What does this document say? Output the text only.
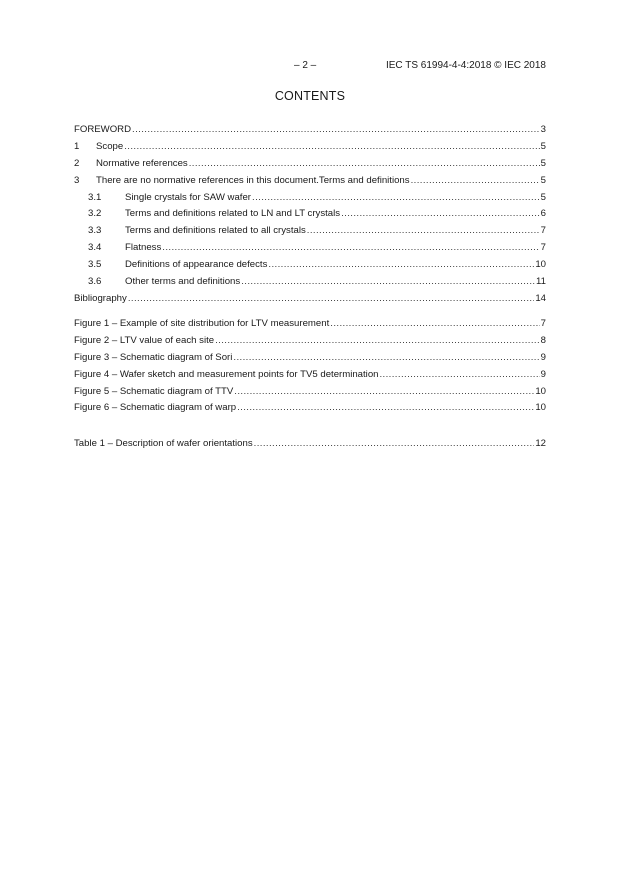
– 2 –	IEC TS 61994-4-4:2018 © IEC 2018
CONTENTS
FOREWORD .....	3
1	Scope .....	5
2	Normative references .....	5
3	There are no normative references in this document.Terms and definitions .....	5
3.1	Single crystals for SAW wafer .....	5
3.2	Terms and definitions related to LN and LT crystals .....	6
3.3	Terms and definitions related to all crystals .....	7
3.4	Flatness .....	7
3.5	Definitions of appearance defects .....	10
3.6	Other terms and definitions .....	11
Bibliography .....	14
Figure 1 – Example of site distribution for LTV measurement .....	7
Figure 2 – LTV value of each site .....	8
Figure 3 – Schematic diagram of Sori .....	9
Figure 4 – Wafer sketch and measurement points for TV5 determination .....	9
Figure 5 – Schematic diagram of TTV .....	10
Figure 6 – Schematic diagram of warp .....	10
Table 1 – Description of wafer orientations .....	12
